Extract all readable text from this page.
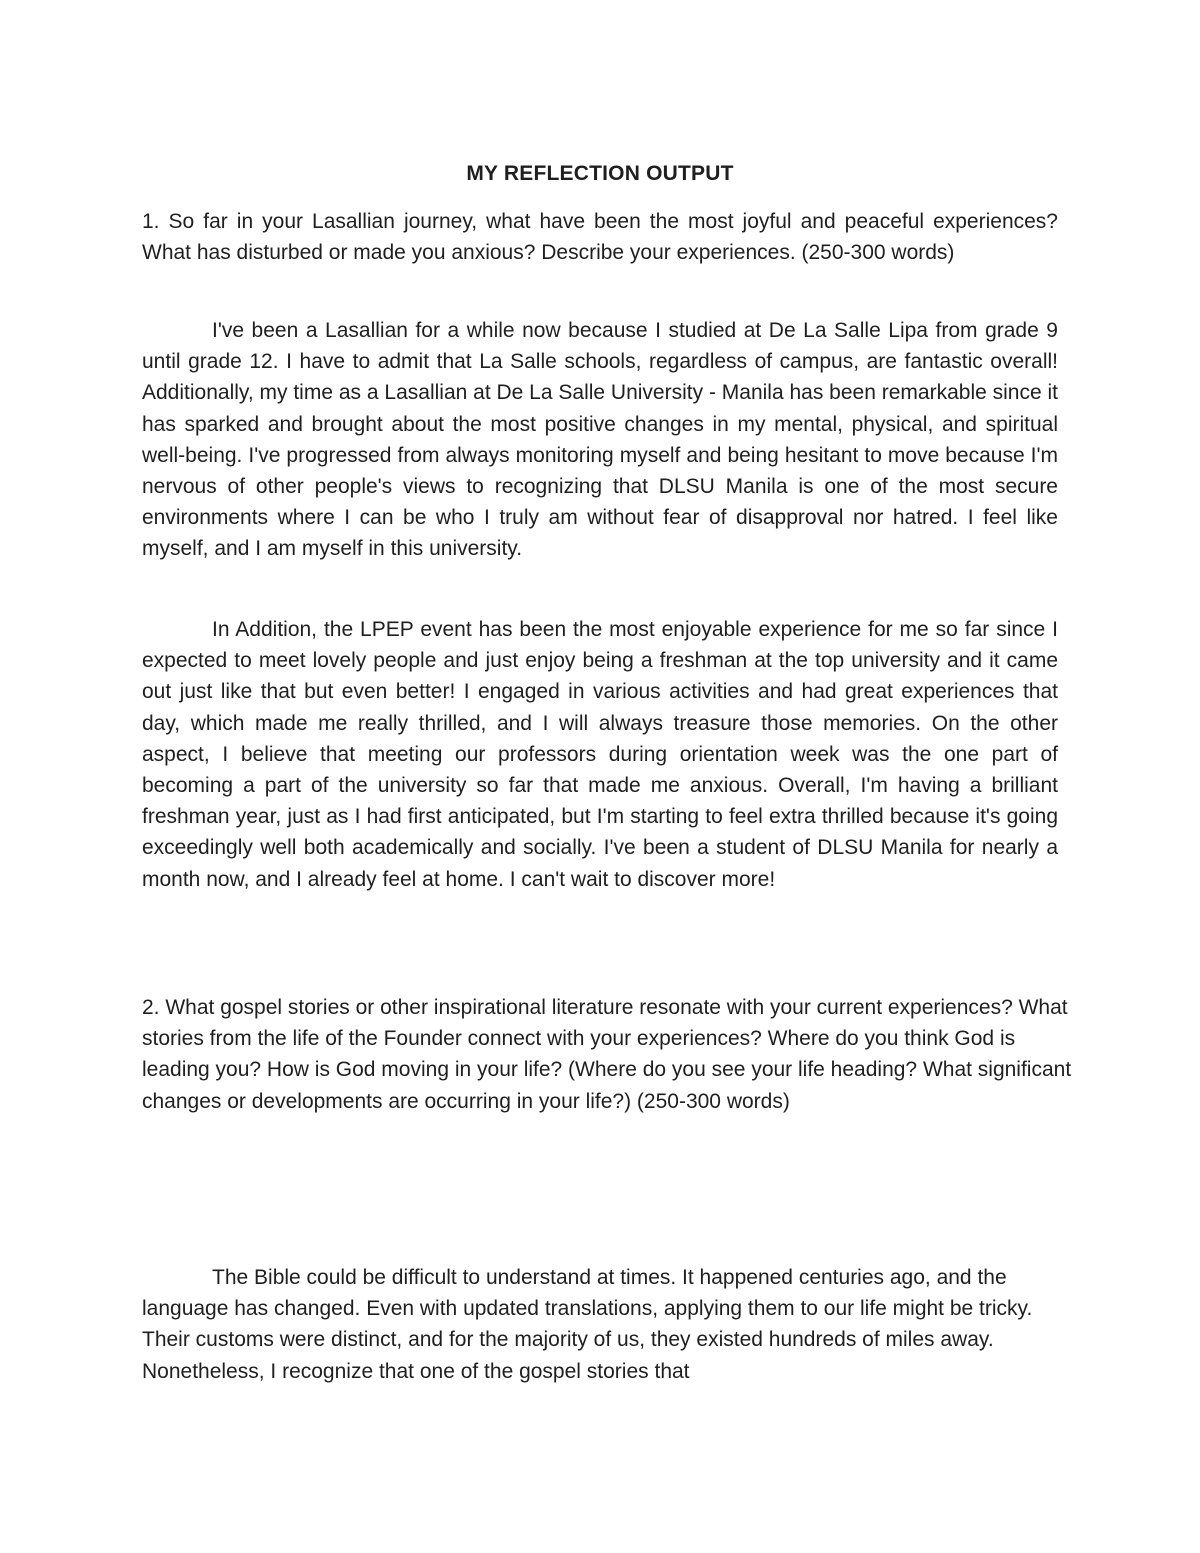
MY REFLECTION OUTPUT

1. So far in your Lasallian journey, what have been the most joyful and peaceful experiences? What has disturbed or made you anxious? Describe your experiences. (250-300 words)

I've been a Lasallian for a while now because I studied at De La Salle Lipa from grade 9 until grade 12. I have to admit that La Salle schools, regardless of campus, are fantastic overall! Additionally, my time as a Lasallian at De La Salle University - Manila has been remarkable since it has sparked and brought about the most positive changes in my mental, physical, and spiritual well-being. I've progressed from always monitoring myself and being hesitant to move because I'm nervous of other people's views to recognizing that DLSU Manila is one of the most secure environments where I can be who I truly am without fear of disapproval nor hatred. I feel like myself, and I am myself in this university.

In Addition, the LPEP event has been the most enjoyable experience for me so far since I expected to meet lovely people and just enjoy being a freshman at the top university and it came out just like that but even better! I engaged in various activities and had great experiences that day, which made me really thrilled, and I will always treasure those memories. On the other aspect, I believe that meeting our professors during orientation week was the one part of becoming a part of the university so far that made me anxious. Overall, I'm having a brilliant freshman year, just as I had first anticipated, but I'm starting to feel extra thrilled because it's going exceedingly well both academically and socially. I've been a student of DLSU Manila for nearly a month now, and I already feel at home. I can't wait to discover more!

2. What gospel stories or other inspirational literature resonate with your current experiences? What stories from the life of the Founder connect with your experiences? Where do you think God is leading you? How is God moving in your life? (Where do you see your life heading? What significant changes or developments are occurring in your life?) (250-300 words)

The Bible could be difficult to understand at times. It happened centuries ago, and the language has changed. Even with updated translations, applying them to our life might be tricky. Their customs were distinct, and for the majority of us, they existed hundreds of miles away. Nonetheless, I recognize that one of the gospel stories that
